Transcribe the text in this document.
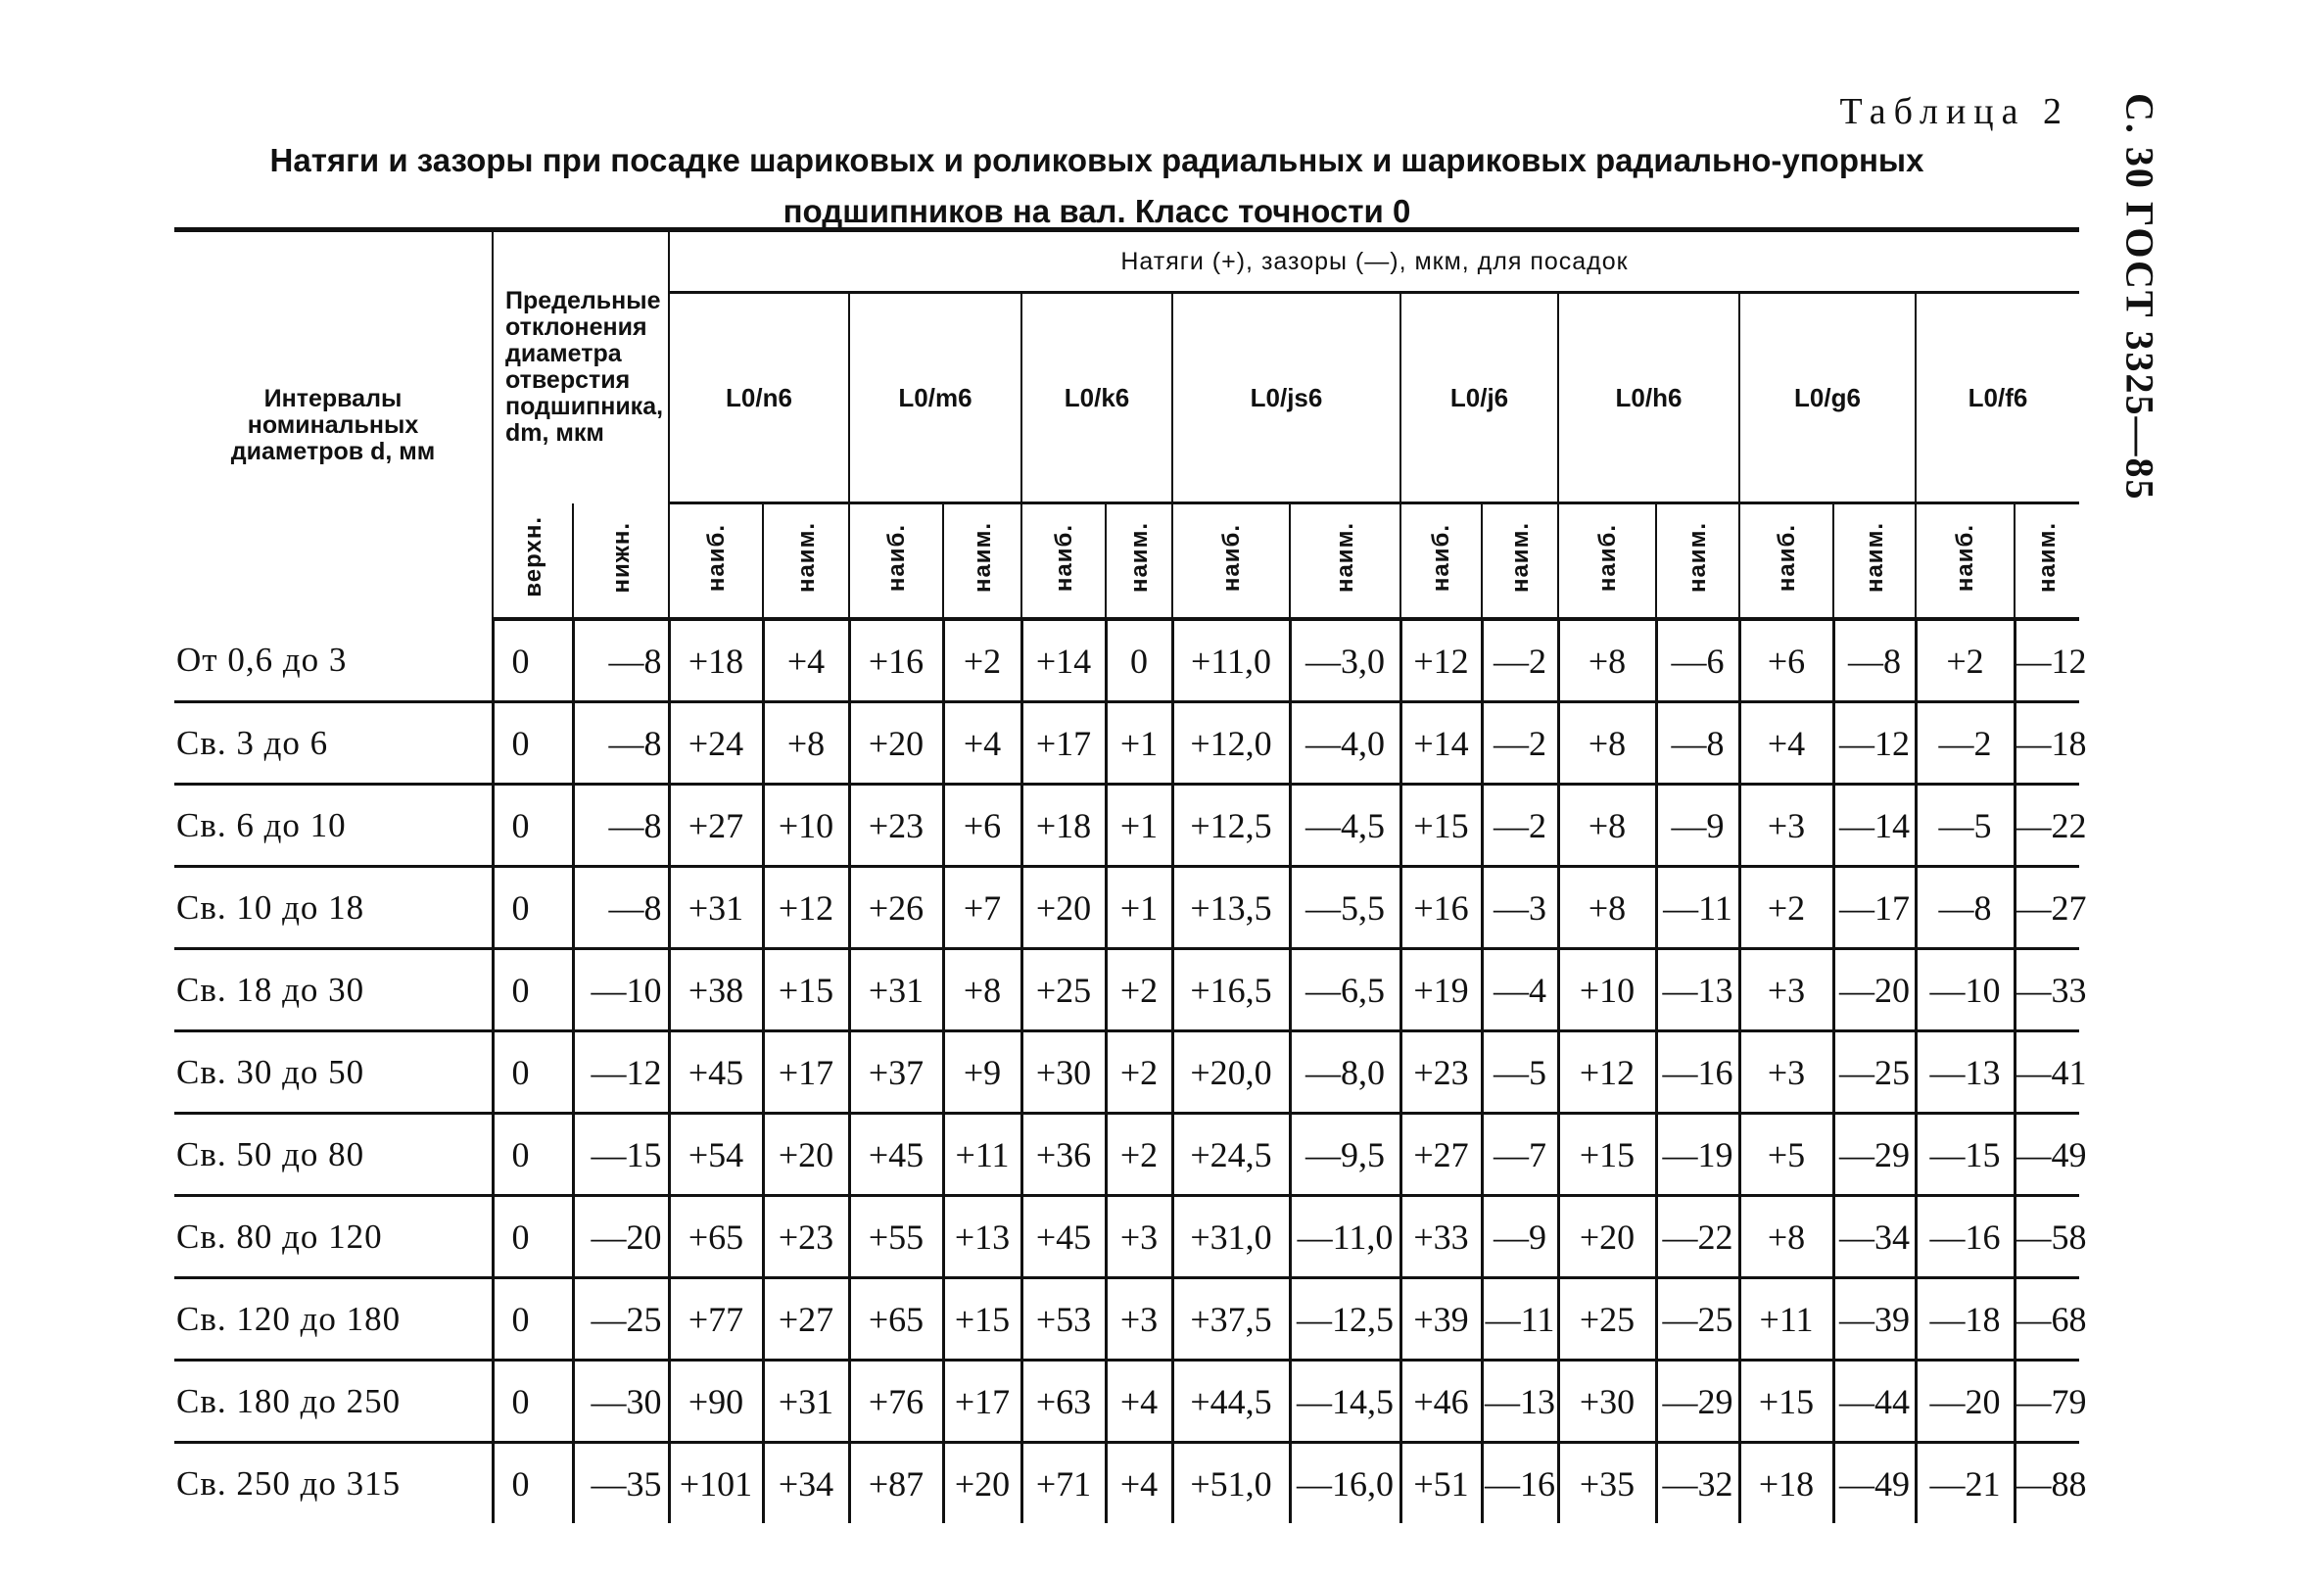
С. 30 ГОСТ 3325—85
Таблица 2
Натяги и зазоры при посадке шариковых и роликовых радиальных и шариковых радиально-упорных
подшипников на вал. Класс точности 0
Интервалы номинальных диаметров d, мм	Предельные отклонения диаметра отверстия подшипника, dm, мкм		Натяги (+), зазоры (—), мкм, для посадок															
			L0/n6		L0/m6		L0/k6		L0/js6		L0/j6		L0/h6		L0/g6		L0/f6	
	верхн.	нижн.	наиб.	наим.	наиб.	наим.	наиб.	наим.	наиб.	наим.	наиб.	наим.	наиб.	наим.	наиб.	наим.	наиб.	наим.
От 0,6 до 3	0	—8	+18	+4	+16	+2	+14	0	+11,0	—3,0	+12	—2	+8	—6	+6	—8	+2	—12
Св. 3 до 6	0	—8	+24	+8	+20	+4	+17	+1	+12,0	—4,0	+14	—2	+8	—8	+4	—12	—2	—18
Св. 6 до 10	0	—8	+27	+10	+23	+6	+18	+1	+12,5	—4,5	+15	—2	+8	—9	+3	—14	—5	—22
Св. 10 до 18	0	—8	+31	+12	+26	+7	+20	+1	+13,5	—5,5	+16	—3	+8	—11	+2	—17	—8	—27
Св. 18 до 30	0	—10	+38	+15	+31	+8	+25	+2	+16,5	—6,5	+19	—4	+10	—13	+3	—20	—10	—33
Св. 30 до 50	0	—12	+45	+17	+37	+9	+30	+2	+20,0	—8,0	+23	—5	+12	—16	+3	—25	—13	—41
Св. 50 до 80	0	—15	+54	+20	+45	+11	+36	+2	+24,5	—9,5	+27	—7	+15	—19	+5	—29	—15	—49
Св. 80 до 120	0	—20	+65	+23	+55	+13	+45	+3	+31,0	—11,0	+33	—9	+20	—22	+8	—34	—16	—58
Св. 120 до 180	0	—25	+77	+27	+65	+15	+53	+3	+37,5	—12,5	+39	—11	+25	—25	+11	—39	—18	—68
Св. 180 до 250	0	—30	+90	+31	+76	+17	+63	+4	+44,5	—14,5	+46	—13	+30	—29	+15	—44	—20	—79
Св. 250 до 315	0	—35	+101	+34	+87	+20	+71	+4	+51,0	—16,0	+51	—16	+35	—32	+18	—49	—21	—88
